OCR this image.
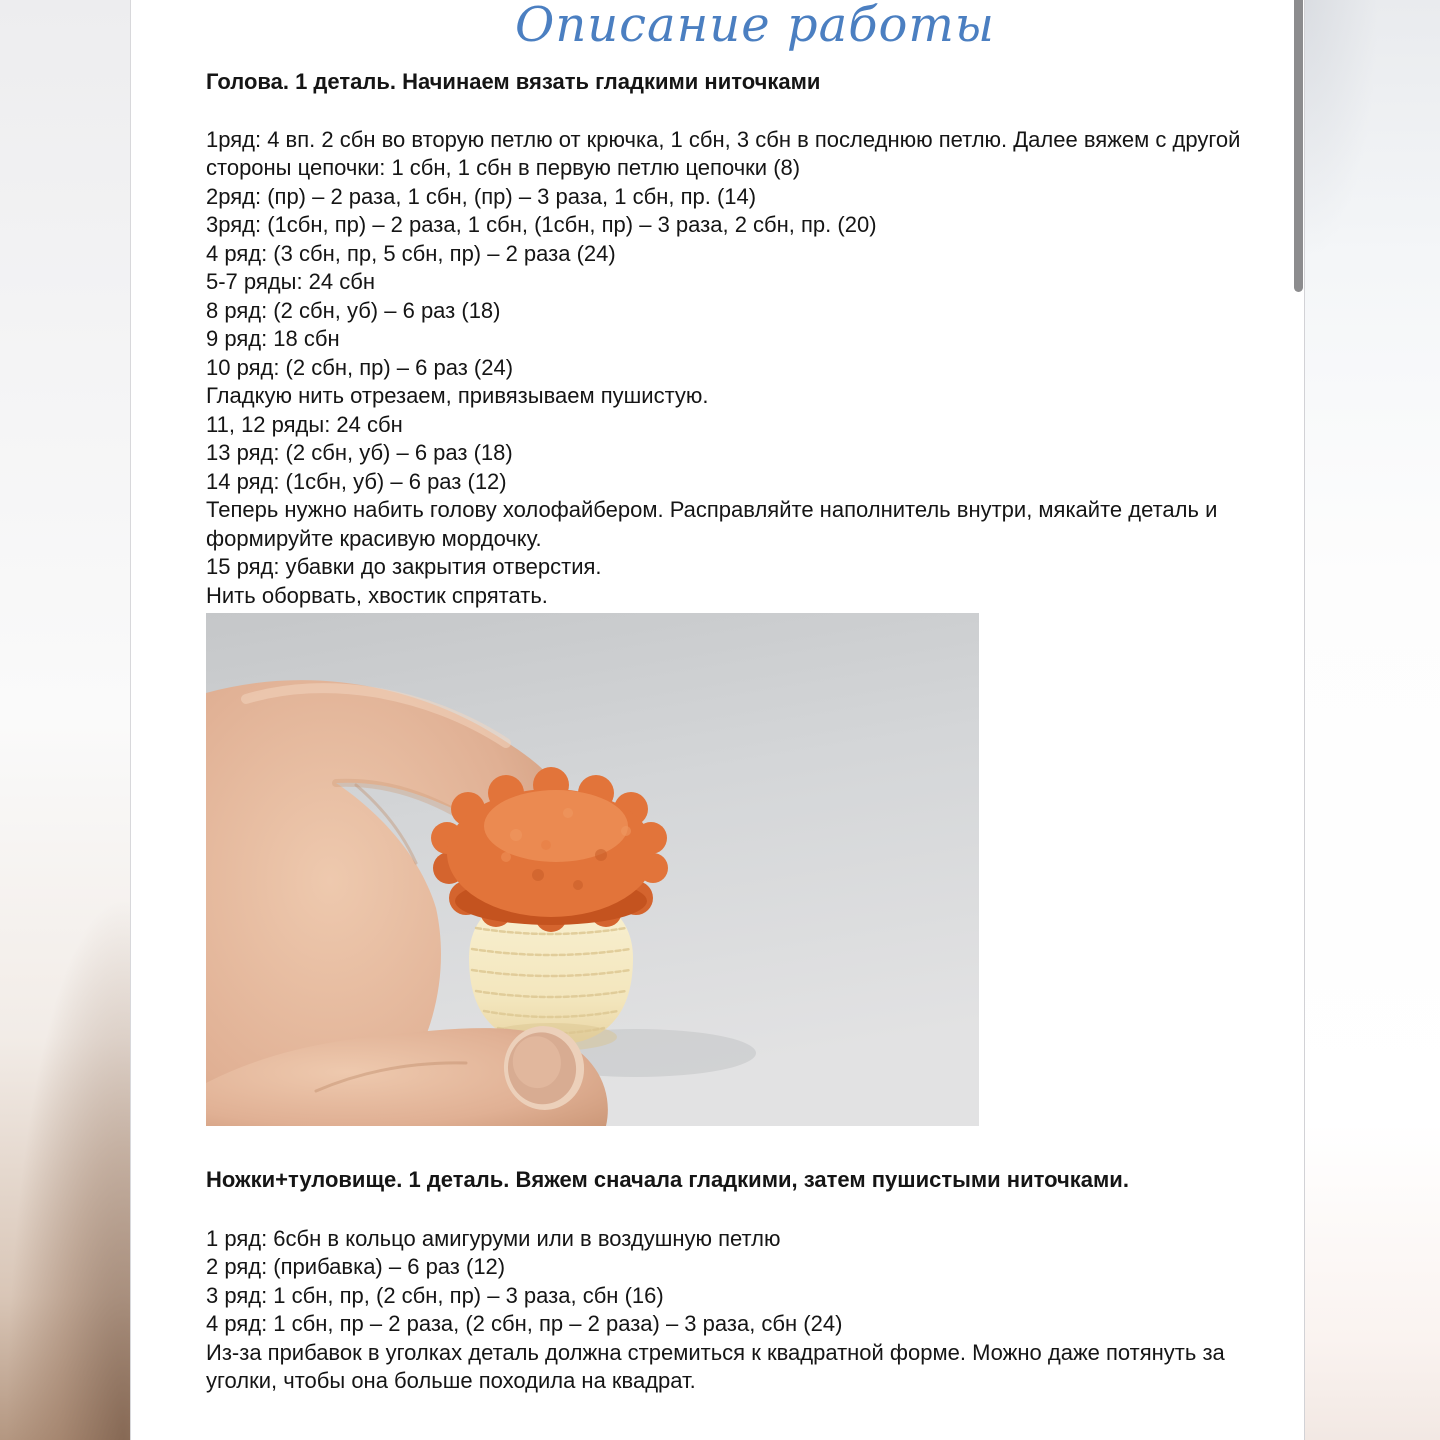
Описание работы
Голова. 1 деталь. Начинаем вязать гладкими ниточками
1ряд: 4 вп. 2 сбн во вторую петлю от крючка, 1 сбн, 3 сбн в последнюю петлю. Далее вяжем с другой
стороны цепочки: 1 сбн, 1 сбн в первую петлю цепочки (8)
2ряд: (пр) – 2 раза, 1 сбн, (пр) – 3 раза, 1 сбн, пр. (14)
3ряд: (1сбн, пр) – 2 раза, 1 сбн, (1сбн, пр) – 3 раза, 2 сбн, пр. (20)
4 ряд: (3 сбн, пр, 5 сбн, пр) – 2 раза (24)
5-7 ряды: 24 сбн
8 ряд: (2 сбн, уб) – 6 раз (18)
9 ряд: 18 сбн
10 ряд: (2 сбн, пр) – 6 раз (24)
Гладкую нить отрезаем, привязываем пушистую.
11, 12 ряды: 24 сбн
13 ряд: (2 сбн, уб) – 6 раз (18)
14 ряд: (1сбн, уб) – 6 раз (12)
Теперь нужно набить голову холофайбером. Расправляйте наполнитель внутри, мякайте деталь и
формируйте красивую мордочку.
15 ряд: убавки до закрытия отверстия.
Нить оборвать, хвостик спрятать.
Ножки+туловище. 1 деталь. Вяжем сначала гладкими, затем пушистыми ниточками.
1 ряд: 6сбн в кольцо амигуруми или в воздушную петлю
2 ряд: (прибавка) – 6 раз (12)
3 ряд: 1 сбн, пр, (2 сбн, пр) – 3 раза, сбн (16)
4 ряд: 1 сбн, пр – 2 раза, (2 сбн, пр – 2 раза) – 3 раза, сбн (24)
Из-за прибавок в уголках деталь должна стремиться к квадратной форме. Можно даже потянуть за
уголки, чтобы она больше походила на квадрат.
